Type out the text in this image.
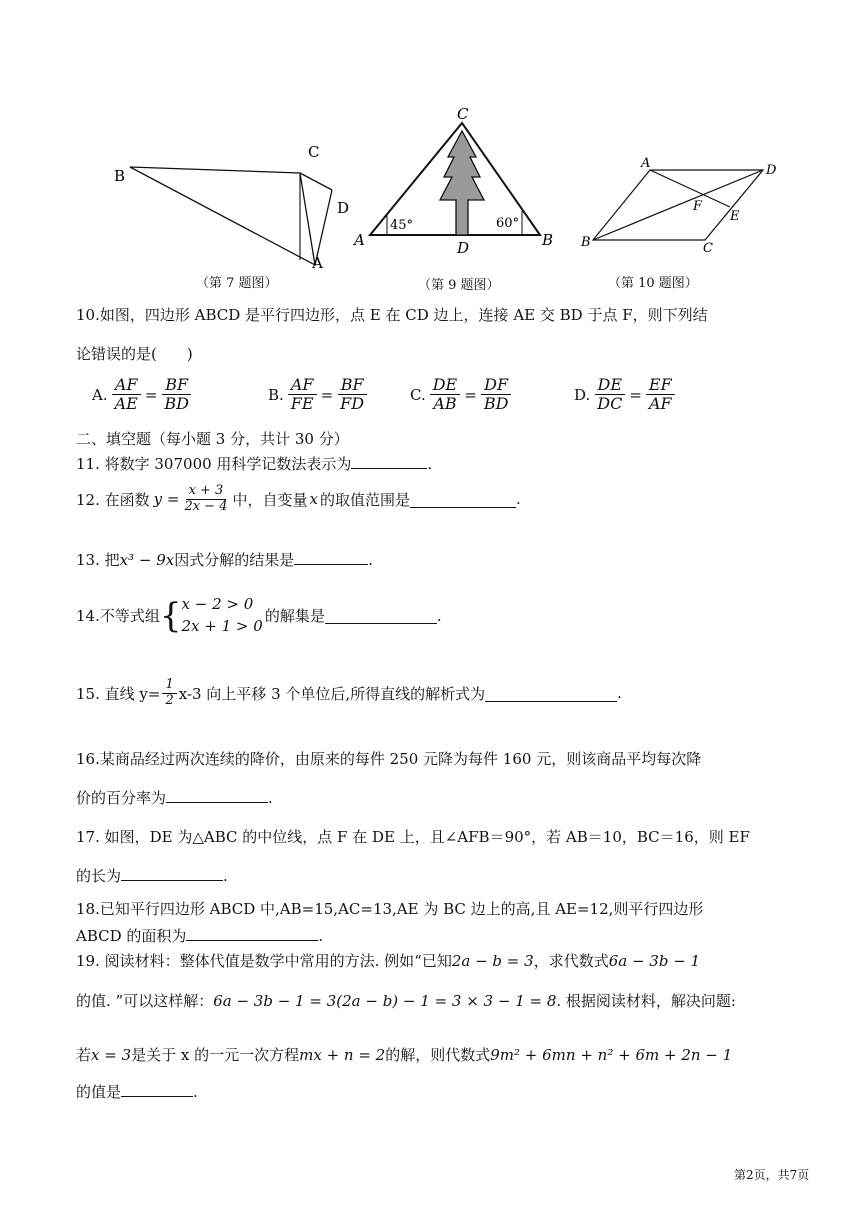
B
C
D
A
（第 7 题图）
45°	60°
C
A	D	B
（第 9 题图）
A	D
F
E
B	C
（第 10 题图）
10.如图，四边形 ABCD 是平行四边形，点 E 在 CD 边上，连接 AE 交 BD 于点 F，则下列结
论错误的是(　　)
A. $\frac{AF}{AE} = \frac{BF}{BD}$	B. $\frac{AF}{FE} = \frac{BF}{FD}$	C. $\frac{DE}{AB} = \frac{DF}{BD}$	D. $\frac{DE}{DC} = \frac{EF}{AF}$
二、填空题（每小题 3 分，共计 30 分）
11. 将数字 307000 用科学记数法表示为	.
12. 在函数 $y = \frac{x + 3}{2x - 4}$ 中，自变量 x 的取值范围是	.
13. 把x³ − 9x因式分解的结果是	.
14.不等式组 { x − 2 > 0
2x + 1 > 0
的解集是	.
15. 直线 $y= \frac{1}{2} x-3$ 向上平移 3 个单位后,所得直线的解析式为	.
16.某商品经过两次连续的降价，由原来的每件 250 元降为每件 160 元，则该商品平均每次降
价的百分率为	.
17. 如图，DE 为△ABC 的中位线，点 F 在 DE 上，且∠AFB＝90°，若 AB＝10，BC＝16，则 EF
的长为	.
18.已知平行四边形 ABCD 中,AB=15,AC=13,AE 为 BC 边上的高,且 AE=12,则平行四边形
ABCD 的面积为	.
19. 阅读材料：整体代值是数学中常用的方法. 例如“已知2a − b = 3，求代数式6a − 3b − 1
的值. ”可以这样解：6a − 3b − 1 = 3(2a − b) − 1 = 3 × 3 − 1 = 8. 根据阅读材料，解决问题:
若x = 3是关于 x 的一元一次方程mx + n = 2的解，则代数式9m² + 6mn + n² + 6m + 2n − 1
的值是	.
第2页，共7页
